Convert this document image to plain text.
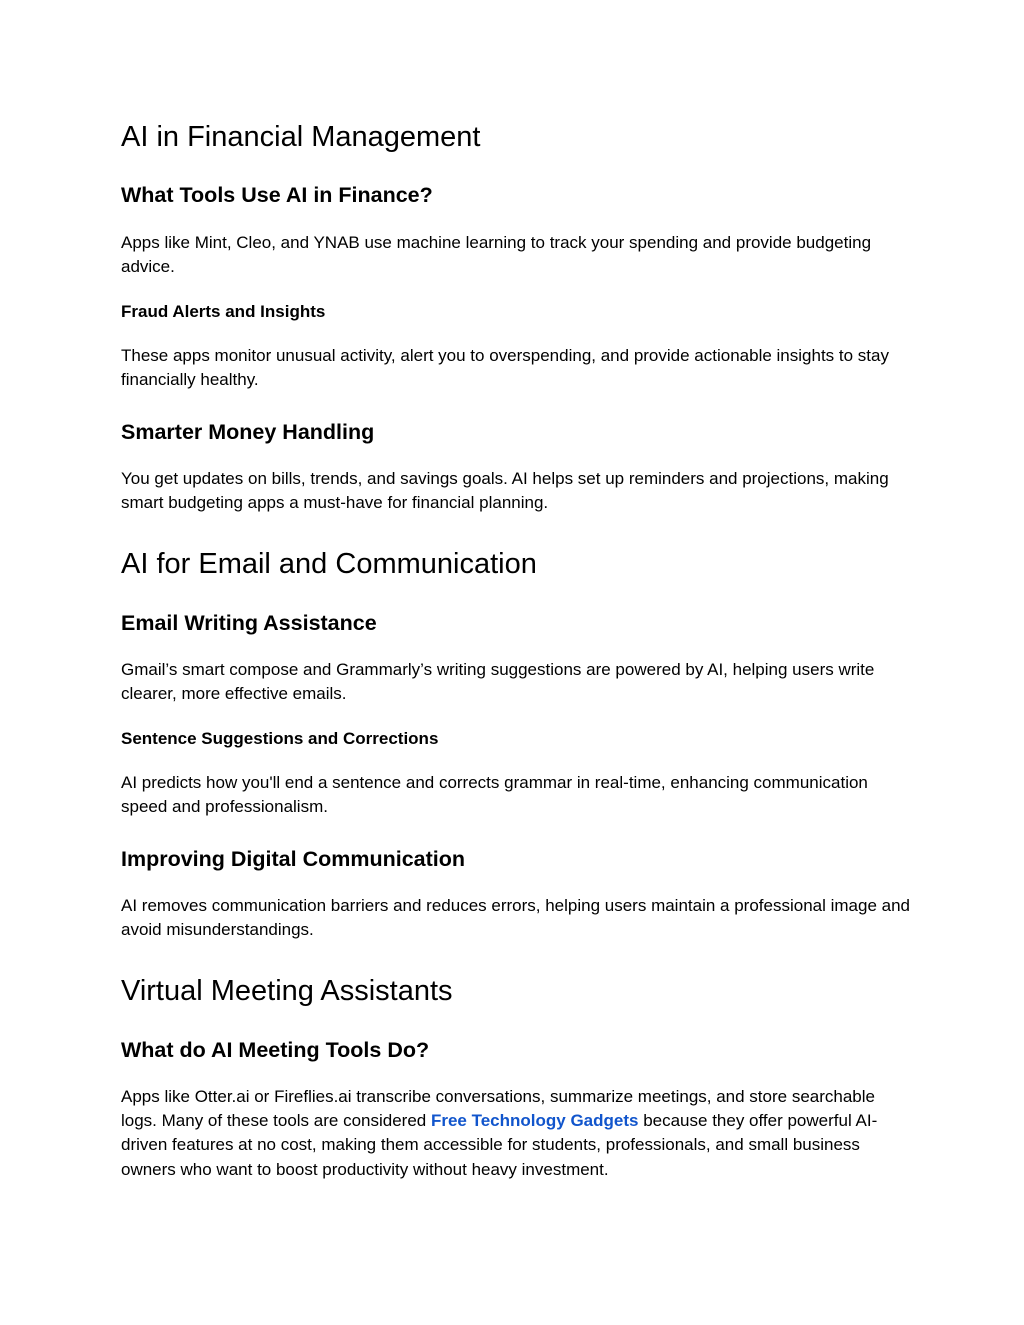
AI in Financial Management
What Tools Use AI in Finance?

Apps like Mint, Cleo, and YNAB use machine learning to track your spending and provide budgeting advice.

Fraud Alerts and Insights

These apps monitor unusual activity, alert you to overspending, and provide actionable insights to stay financially healthy.

Smarter Money Handling

You get updates on bills, trends, and savings goals. AI helps set up reminders and projections, making smart budgeting apps a must-have for financial planning.

AI for Email and Communication
Email Writing Assistance

Gmail’s smart compose and Grammarly’s writing suggestions are powered by AI, helping users write clearer, more effective emails.

Sentence Suggestions and Corrections

AI predicts how you'll end a sentence and corrects grammar in real-time, enhancing communication speed and professionalism.

Improving Digital Communication

AI removes communication barriers and reduces errors, helping users maintain a professional image and avoid misunderstandings.

Virtual Meeting Assistants
What do AI Meeting Tools Do?

Apps like Otter.ai or Fireflies.ai transcribe conversations, summarize meetings, and store searchable logs. Many of these tools are considered Free Technology Gadgets because they offer powerful AI-driven features at no cost, making them accessible for students, professionals, and small business owners who want to boost productivity without heavy investment.
